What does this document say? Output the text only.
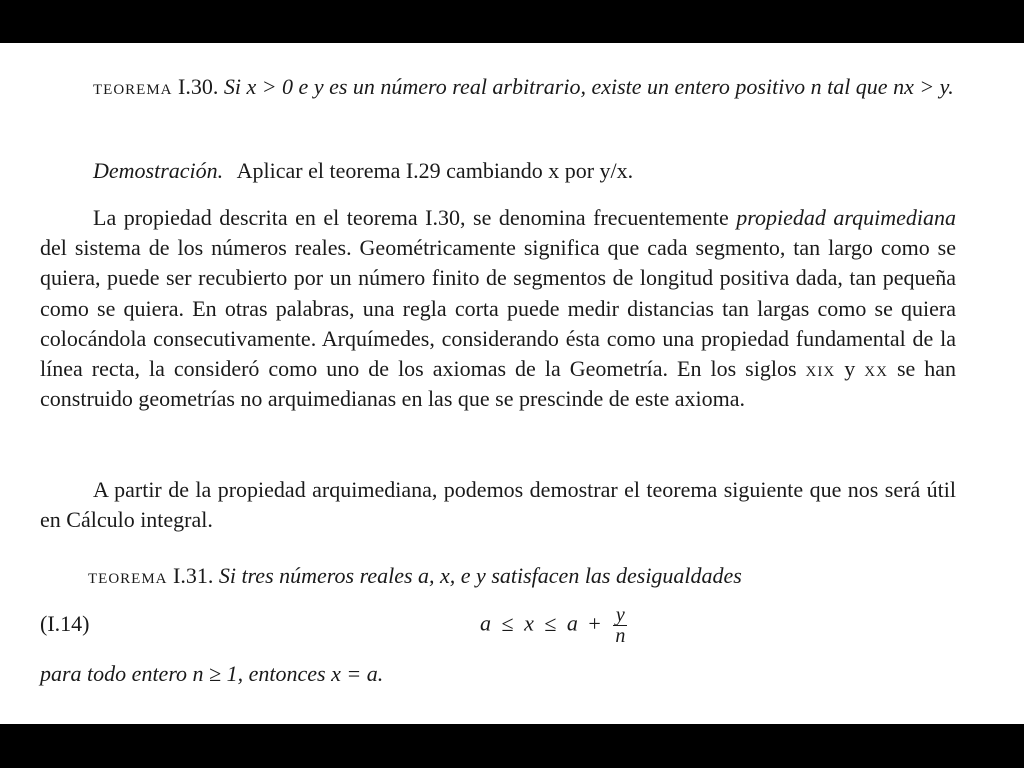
teorema I.30. Si x > 0 e y es un número real arbitrario, existe un entero positivo n tal que nx > y.

Demostración. Aplicar el teorema I.29 cambiando x por y/x.

La propiedad descrita en el teorema I.30, se denomina frecuentemente propiedad arquimediana del sistema de los números reales. Geométricamente significa que cada segmento, tan largo como se quiera, puede ser recubierto por un número finito de segmentos de longitud positiva dada, tan pequeña como se quiera. En otras palabras, una regla corta puede medir distancias tan largas como se quiera colocándola consecutivamente. Arquímedes, considerando ésta como una propiedad fundamental de la línea recta, la consideró como uno de los axiomas de la Geometría. En los siglos xix y xx se han construido geometrías no arquimedianas en las que se prescinde de este axioma.

A partir de la propiedad arquimediana, podemos demostrar el teorema siguiente que nos será útil en Cálculo integral.

teorema I.31. Si tres números reales a, x, e y satisfacen las desigualdades

(I.14)	$a \le x \le a + \frac{y}{n}$

para todo entero n ≥ 1, entonces x = a.
